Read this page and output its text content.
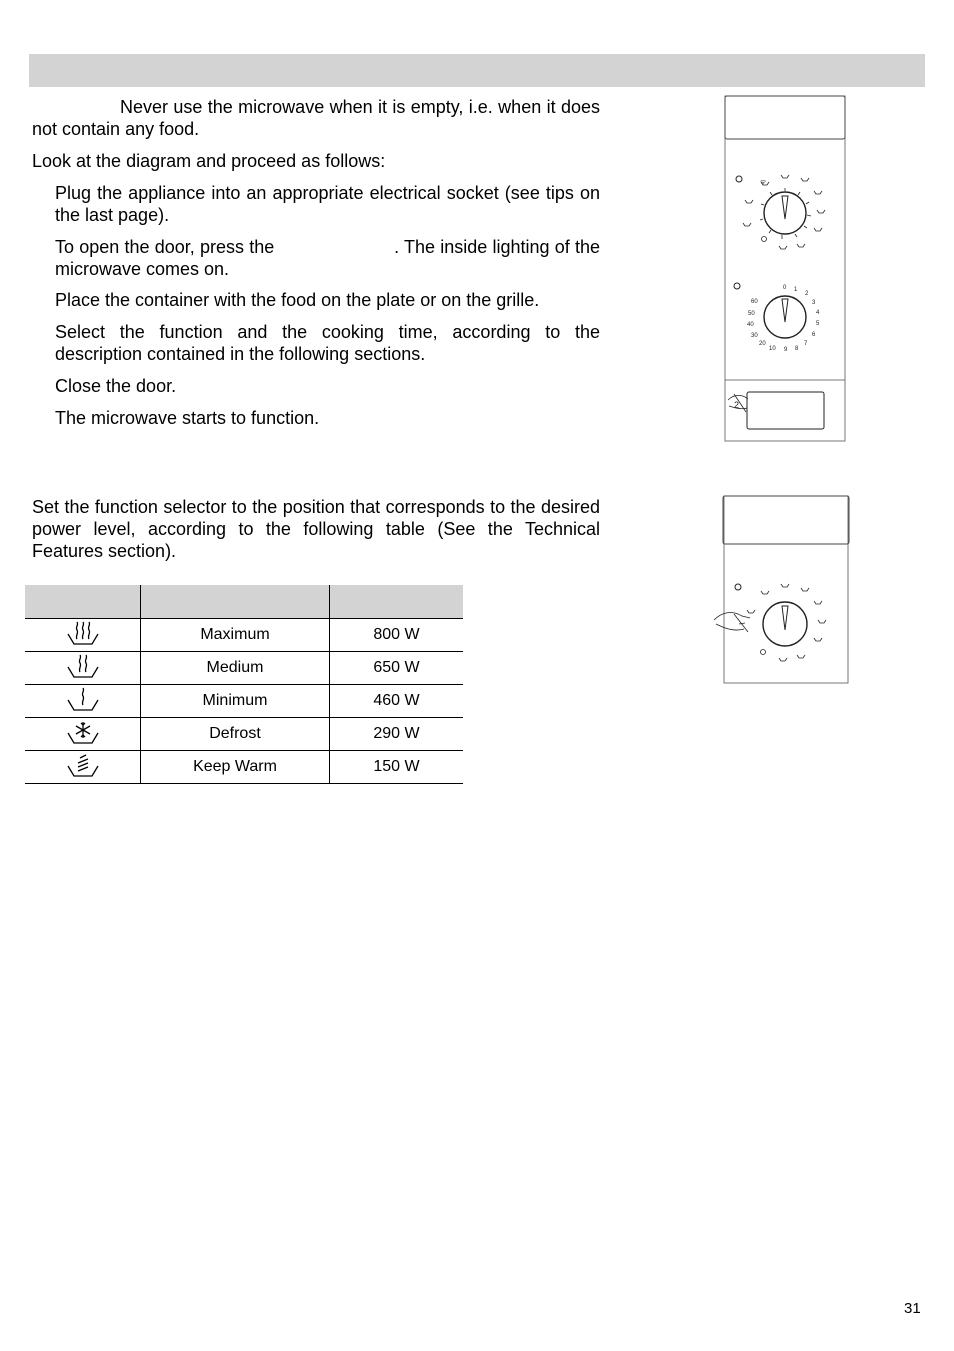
Never use the microwave when it is empty, i.e. when it does not contain any food.

Look at the diagram and proceed as follows:

Plug the appliance into an appropriate electrical socket (see tips on the last page).

To open the door, press the                       . The inside lighting of the microwave comes on.

Place the container with the food on the plate or on the grille.

Select the function and the cooking time, according to the description contained in the following sections.

Close the door.

The microwave starts to function.

Set the function selector to the position that corresponds to the desired power level, according to the following table (See the Technical Features section).

	Maximum	800 W
	Medium	650 W
	Minimum	460 W
	Defrost	290 W
	Keep Warm	150 W
ᯤ
0 1
2
3
4
5
6
7
8
9
10
20
30
40
50
60
2
31
